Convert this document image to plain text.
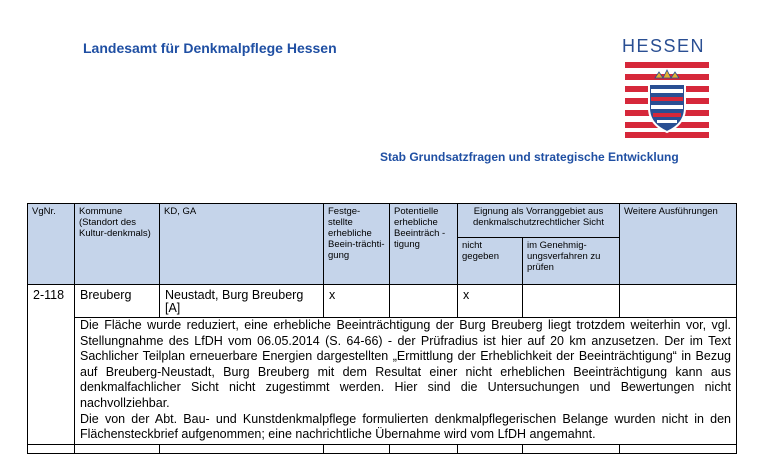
Landesamt für Denkmalpflege Hessen	HESSEN
Stab Grundsatzfragen und strategische Entwicklung
VgNr.	Kommune (Standort des Kultur-denkmals)	KD, GA	Festge-stellte erhebliche Beein-trächti-gung	Potentielle erhebliche Beeinträch -tigung	Eignung als Vorranggebiet aus denkmalschutzrechtlicher Sicht		Weitere Ausführungen
					nicht gegeben	im Genehmig-ungsverfahren zu prüfen	
2-118	Breuberg	Neustadt, Burg Breuberg [A]	x		x		

	Die Fläche wurde reduziert, eine erhebliche Beeinträchtigung der Burg Breuberg liegt trotzdem weiterhin vor, vgl. Stellungnahme des LfDH vom 06.05.2014 (S. 64-66) - der Prüfradius ist hier auf 20 km anzusetzen. Der im Text Sachlicher Teilplan erneuerbare Energien dargestellten „Ermittlung der Erheblichkeit der Beeinträchtigung“ in Bezug auf Breuberg-Neustadt, Burg Breuberg mit dem Resultat einer nicht erheblichen Beeinträchtigung kann aus denkmalfachlicher Sicht nicht zugestimmt werden. Hier sind die Untersuchungen und Bewertungen nicht nachvollziehbar.
Die von der Abt. Bau- und Kunstdenkmalpflege formulierten denkmalpflegerischen Belange wurden nicht in den Flächensteckbrief aufgenommen; eine nachrichtliche Übernahme wird vom LfDH angemahnt.						
